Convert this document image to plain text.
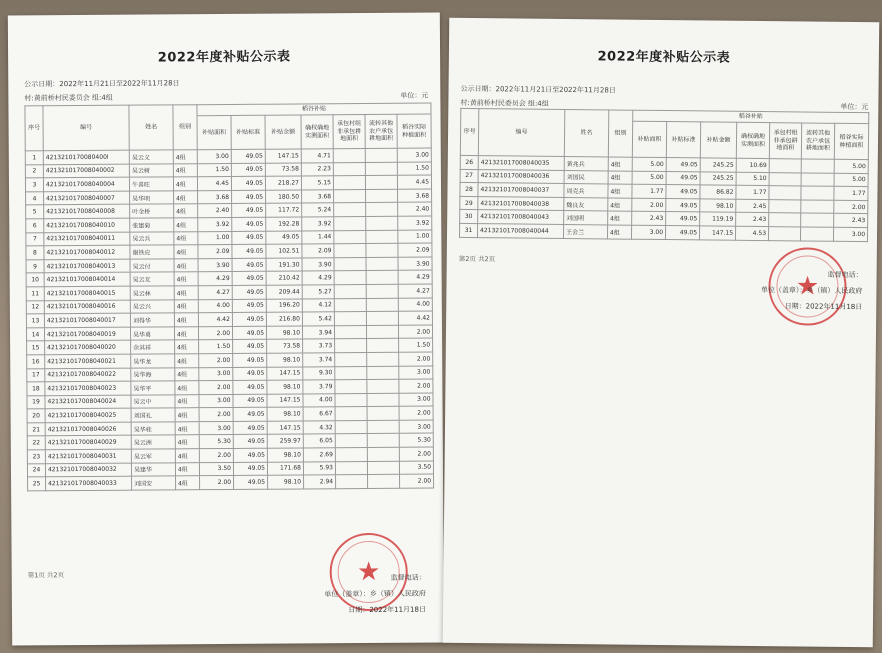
2022年度补贴公示表
公示日期：2022年11月21日至2022年11月28日
村:黄前桥村民委员会 组:4组	单位：元
序号	编号	姓名	组别	稻谷补贴						
				补贴面积	补贴标准	补贴金额	确权确地实测面积	承包村组非承包耕地面积	流转其他农户承包耕地面积	稻谷实际种植面积
1	4213210170080400l	吴云义	4组	3.00	49.05	147.15	4.71			3.00
2	421321017008040002	吴云树	4组	1.50	49.05	73.58	2.23			1.50
3	421321017008040004	牛喜旺	4组	4.45	49.05	218.27	5.15			4.45
4	421321017008040007	吴华明	4组	3.68	49.05	180.50	3.68			3.68
5	421321017008040008	叶金桥	4组	2.40	49.05	117.72	5.24			2.40
6	421321017008040010	张建菊	4组	3.92	49.05	192.28	3.92			3.92
7	421321017008040011	吴云兵	4组	1.00	49.05	49.05	1.44			1.00
8	421321017008040012	谢铁应	4组	2.09	49.05	102.51	2.09			2.09
9	421321017008040013	吴云付	4组	3.90	49.05	191.30	3.90			3.90
10	421321017008040014	吴云友	4组	4.29	49.05	210.42	4.29			4.29
11	421321017008040015	吴云林	4组	4.27	49.05	209.44	5.27			4.27
12	421321017008040016	吴云兴	4组	4.00	49.05	196.20	4.12			4.00
13	421321017008040017	刘得华	4组	4.42	49.05	216.80	5.42			4.42
14	421321017008040019	吴华勇	4组	2.00	49.05	98.10	3.94			2.00
15	421321017008040020	余其祥	4组	1.50	49.05	73.58	3.73			1.50
16	421321017008040021	吴华龙	4组	2.00	49.05	98.10	3.74			2.00
17	421321017008040022	吴华海	4组	3.00	49.05	147.15	9.30			3.00
18	421321017008040023	吴华平	4组	2.00	49.05	98.10	3.79			2.00
19	421321017008040024	吴云中	4组	3.00	49.05	147.15	4.00			3.00
20	421321017008040025	刘国礼	4组	2.00	49.05	98.10	6.67			2.00
21	421321017008040026	吴华桂	4组	3.00	49.05	147.15	4.32			3.00
22	421321017008040029	吴云洲	4组	5.30	49.05	259.97	6.05			5.30
23	421321017008040031	吴云军	4组	2.00	49.05	98.10	2.69			2.00
24	421321017008040032	吴建华	4组	3.50	49.05	171.68	5.93			3.50
25	421321017008040033	刘国安	4组	2.00	49.05	98.10	2.94			2.00
第1页 共2页	★ 监督电话：
单位（盖章）：乡（镇）人民政府
日期：2022年11月18日
2022年度补贴公示表
公示日期：2022年11月21日至2022年11月28日
村:黄前桥村民委员会 组:4组	单位：元
序号	编号	姓名	组别	稻谷补贴						
				补贴面积	补贴标准	补贴金额	确权确地实测面积	承包村组非承包耕地面积	流转其他农户承包耕地面积	稻谷实际种植面积
26	421321017008040035	黄兆兵	4组	5.00	49.05	245.25	10.69			5.00
27	421321017008040036	刘国民	4组	5.00	49.05	245.25	5.10			5.00
28	421321017008040037	周克兵	4组	1.77	49.05	86.82	1.77			1.77
29	421321017008040038	魏良友	4组	2.00	49.05	98.10	2.45			2.00
30	421321017008040043	刘国明	4组	2.43	49.05	119.19	2.43			2.43
31	421321017008040044	王会兰	4组	3.00	49.05	147.15	4.53			3.00
第2页 共2页
★ 监督电话：
单位（盖章）：乡（镇）人民政府
日期：2022年11月18日
